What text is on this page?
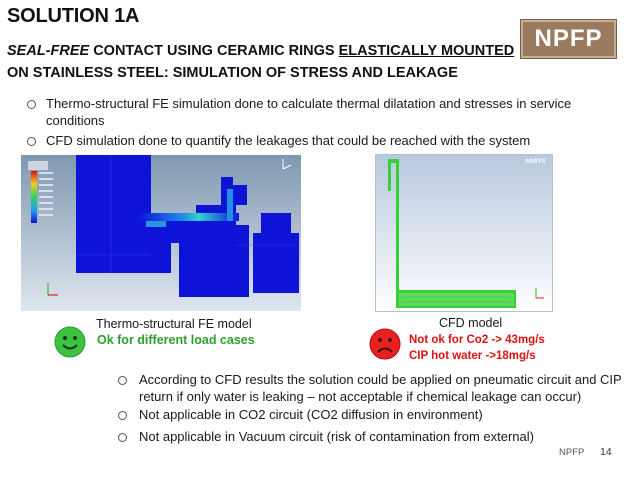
SOLUTION 1A
SEAL-FREE CONTACT USING CERAMIC RINGS ELASTICALLY MOUNTED
ON STAINLESS STEEL: SIMULATION OF STRESS AND LEAKAGE
NPFP
Thermo-structural FE simulation done to calculate thermal dilatation and stresses in service conditions
CFD simulation done to quantify the leakages that could be reached with the system
ANSYS
Thermo-structural FE model
Ok for different load cases
CFD model
Not ok for Co2 -> 43mg/s
CIP hot water ->18mg/s
According to CFD results the solution could be applied on pneumatic circuit and CIP return if only water is leaking – not acceptable if chemical leakage can occur)
Not applicable in CO2 circuit (CO2 diffusion in environment)
Not applicable in Vacuum circuit (risk of contamination from external)
NPFP 14
